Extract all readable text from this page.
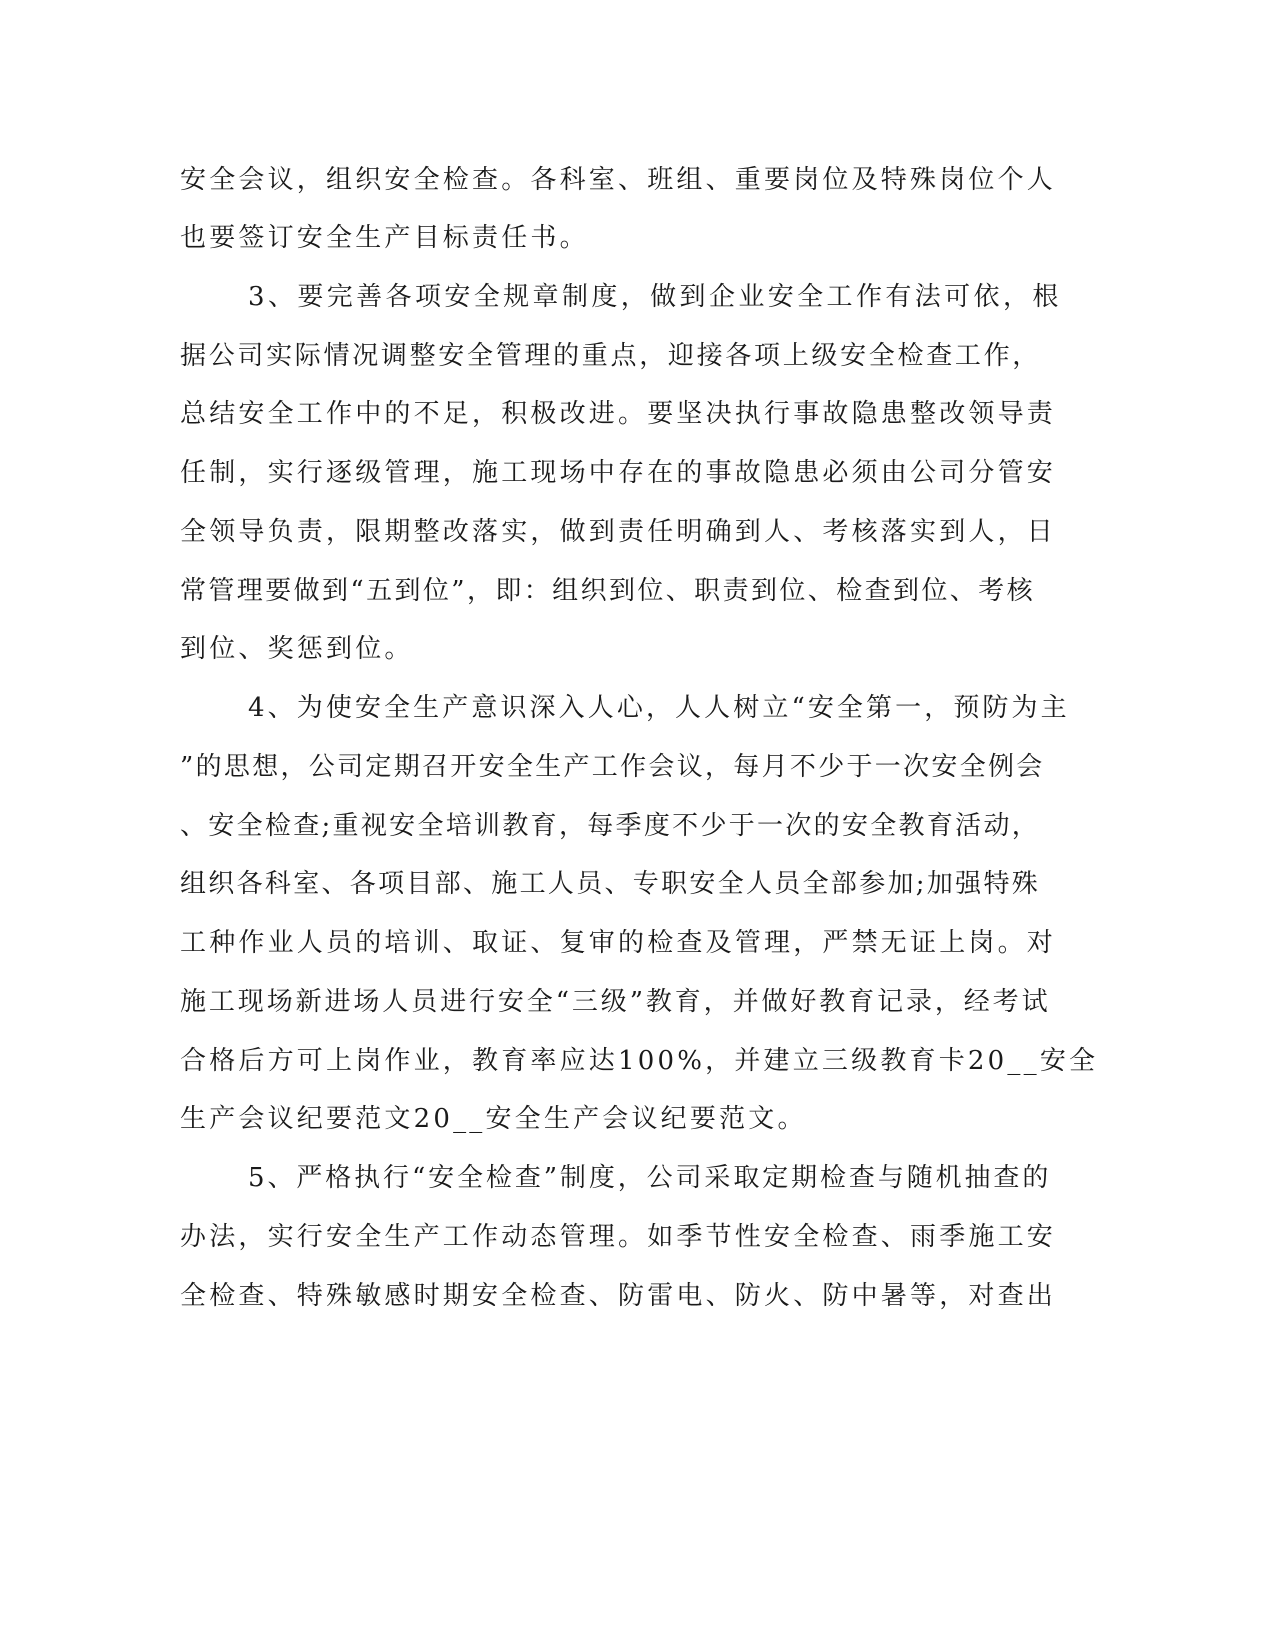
安全会议，组织安全检查。各科室、班组、重要岗位及特殊岗位个人
也要签订安全生产目标责任书。
3、要完善各项安全规章制度，做到企业安全工作有法可依，根
据公司实际情况调整安全管理的重点，迎接各项上级安全检查工作，
总结安全工作中的不足，积极改进。要坚决执行事故隐患整改领导责
任制，实行逐级管理，施工现场中存在的事故隐患必须由公司分管安
全领导负责，限期整改落实，做到责任明确到人、考核落实到人，日
常管理要做到“五到位”，即：组织到位、职责到位、检查到位、考核
到位、奖惩到位。
4、为使安全生产意识深入人心，人人树立“安全第一，预防为主
”的思想，公司定期召开安全生产工作会议，每月不少于一次安全例会
、安全检查;重视安全培训教育，每季度不少于一次的安全教育活动，
组织各科室、各项目部、施工人员、专职安全人员全部参加;加强特殊
工种作业人员的培训、取证、复审的检查及管理，严禁无证上岗。对
施工现场新进场人员进行安全“三级”教育，并做好教育记录，经考试
合格后方可上岗作业，教育率应达100%，并建立三级教育卡20__安全
生产会议纪要范文20__安全生产会议纪要范文。
5、严格执行“安全检查”制度，公司采取定期检查与随机抽查的
办法，实行安全生产工作动态管理。如季节性安全检查、雨季施工安
全检查、特殊敏感时期安全检查、防雷电、防火、防中暑等，对查出
